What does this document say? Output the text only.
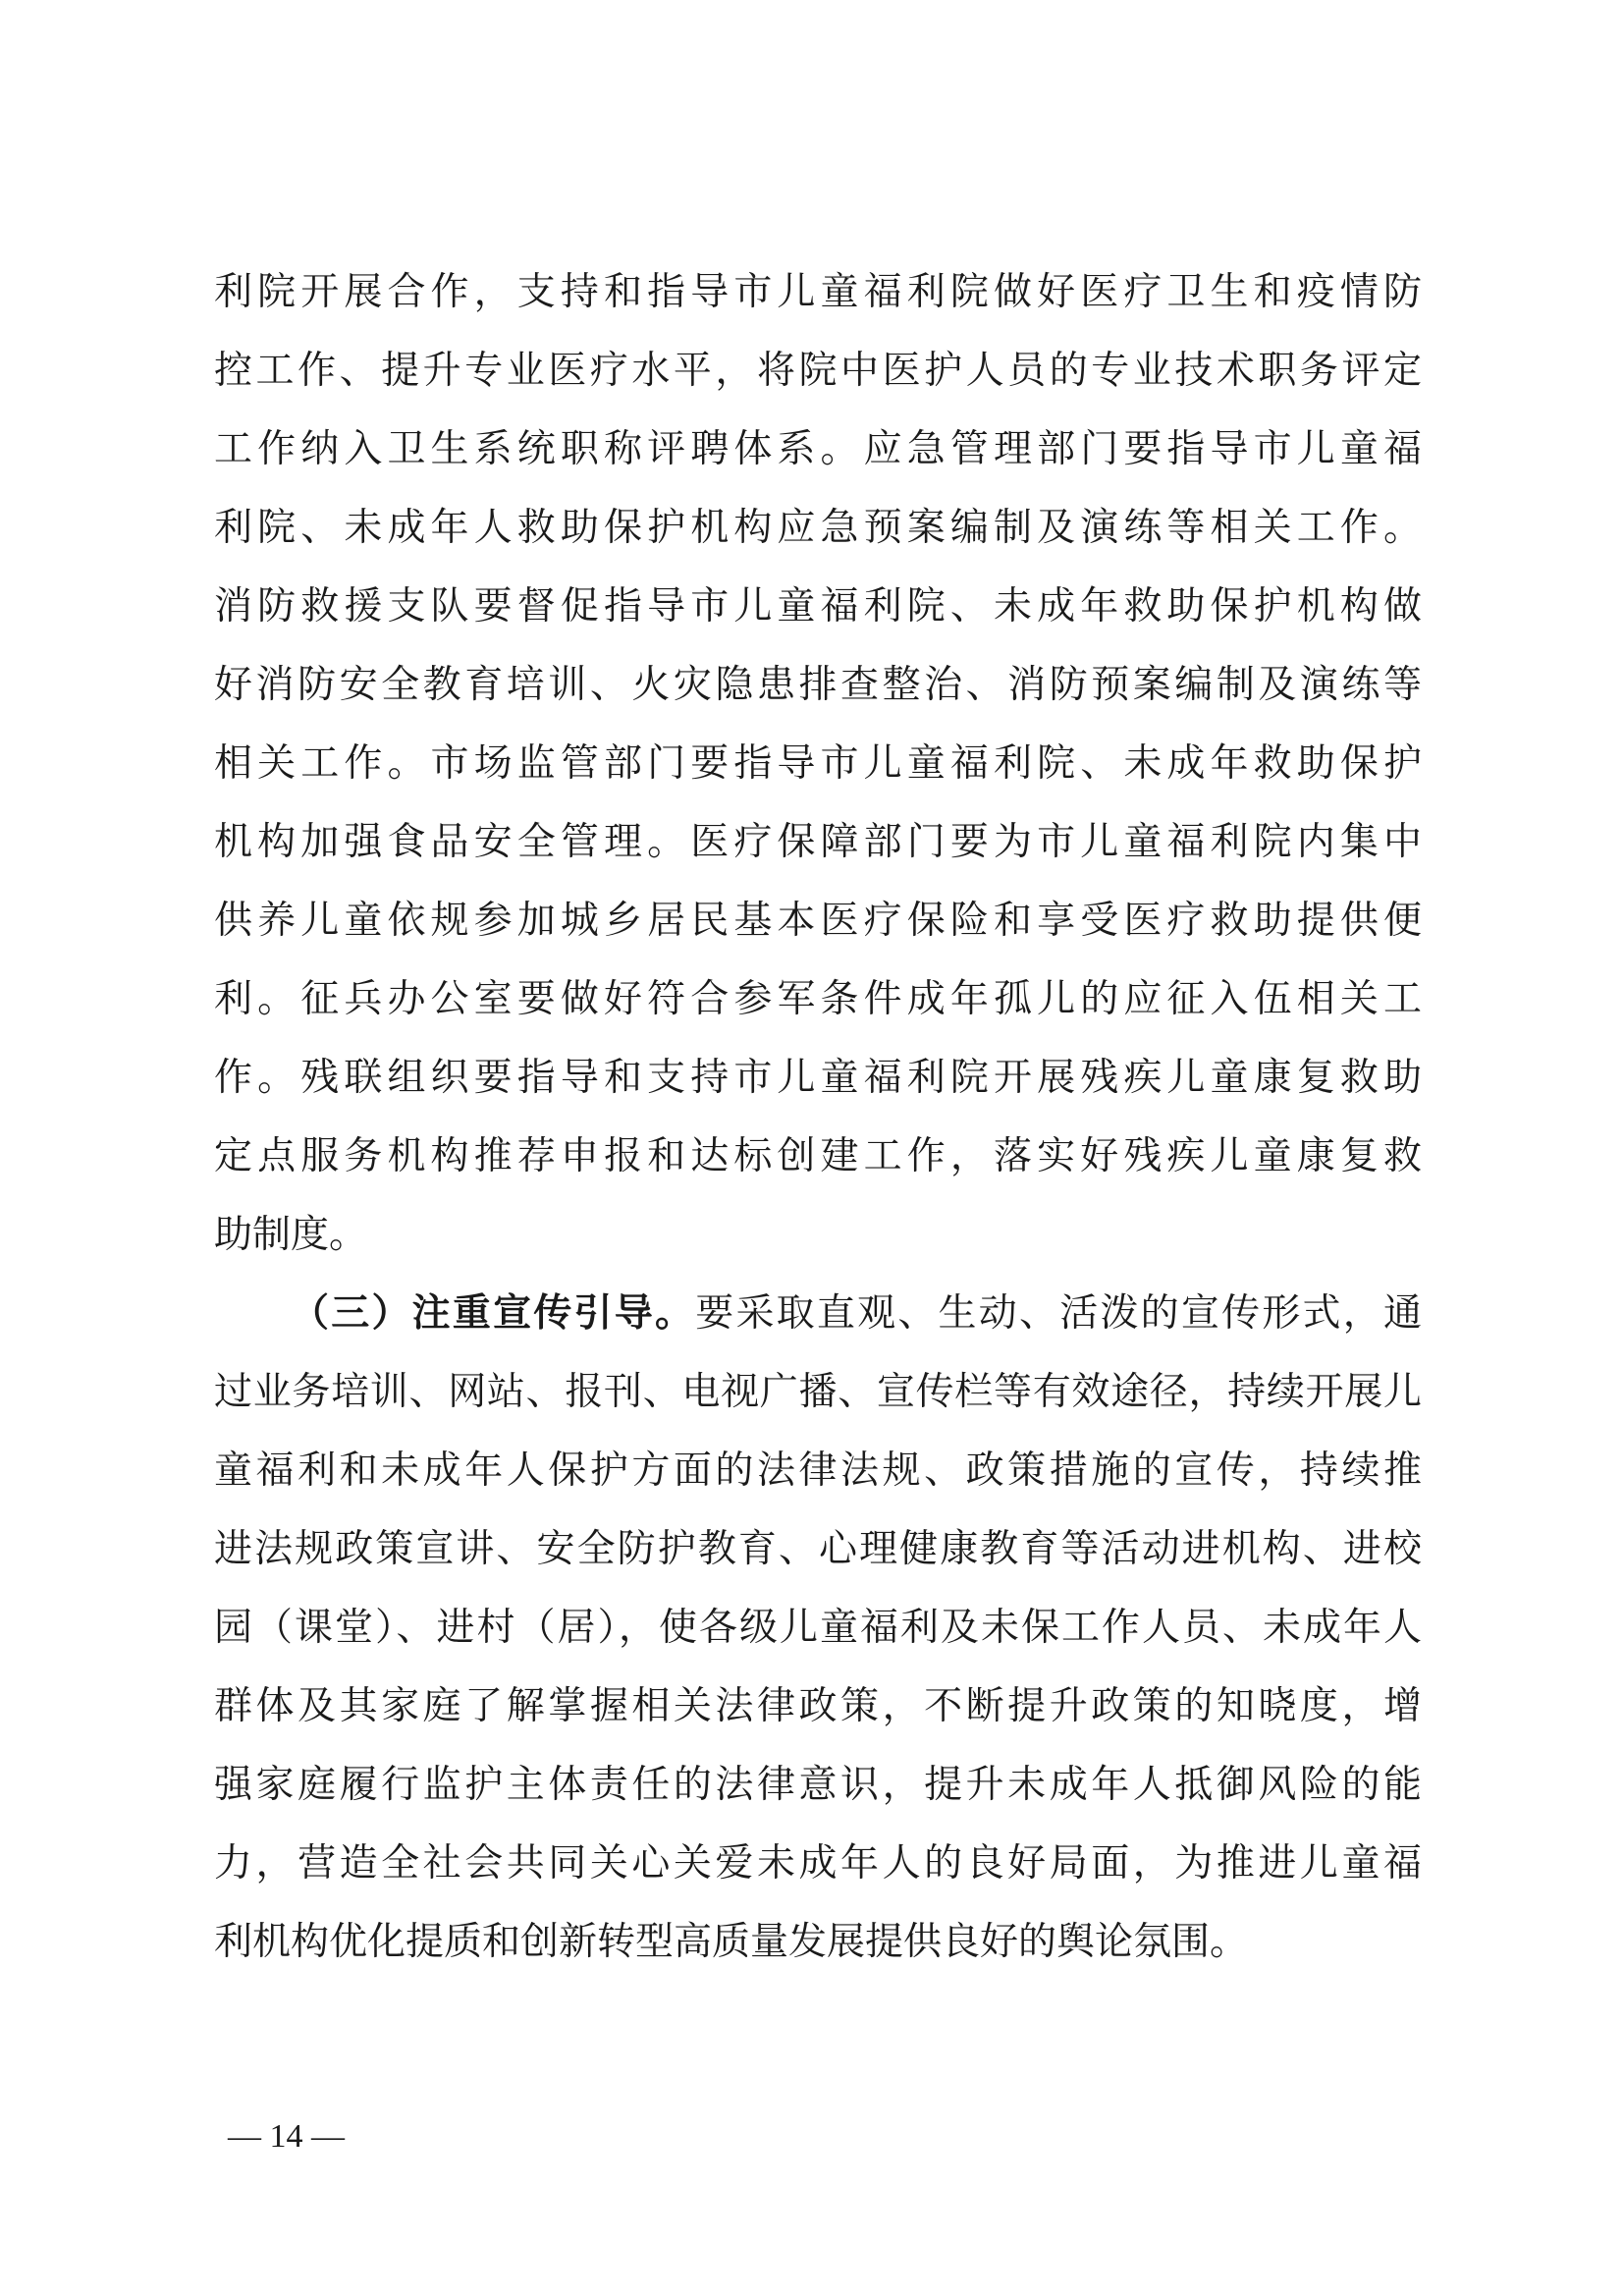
利院开展合作，支持和指导市儿童福利院做好医疗卫生和疫情防
控工作、提升专业医疗水平，将院中医护人员的专业技术职务评定
工作纳入卫生系统职称评聘体系。应急管理部门要指导市儿童福
利院、未成年人救助保护机构应急预案编制及演练等相关工作。
消防救援支队要督促指导市儿童福利院、未成年救助保护机构做
好消防安全教育培训、火灾隐患排查整治、消防预案编制及演练等
相关工作。市场监管部门要指导市儿童福利院、未成年救助保护
机构加强食品安全管理。医疗保障部门要为市儿童福利院内集中
供养儿童依规参加城乡居民基本医疗保险和享受医疗救助提供便
利。征兵办公室要做好符合参军条件成年孤儿的应征入伍相关工
作。残联组织要指导和支持市儿童福利院开展残疾儿童康复救助
定点服务机构推荐申报和达标创建工作，落实好残疾儿童康复救
助制度。
（三）注重宣传引导。要采取直观、生动、活泼的宣传形式，通
过业务培训、网站、报刊、电视广播、宣传栏等有效途径，持续开展儿
童福利和未成年人保护方面的法律法规、政策措施的宣传，持续推
进法规政策宣讲、安全防护教育、心理健康教育等活动进机构、进校
园（课堂）、进村（居），使各级儿童福利及未保工作人员、未成年人
群体及其家庭了解掌握相关法律政策，不断提升政策的知晓度，增
强家庭履行监护主体责任的法律意识，提升未成年人抵御风险的能
力，营造全社会共同关心关爱未成年人的良好局面，为推进儿童福
利机构优化提质和创新转型高质量发展提供良好的舆论氛围。
— 14 —
